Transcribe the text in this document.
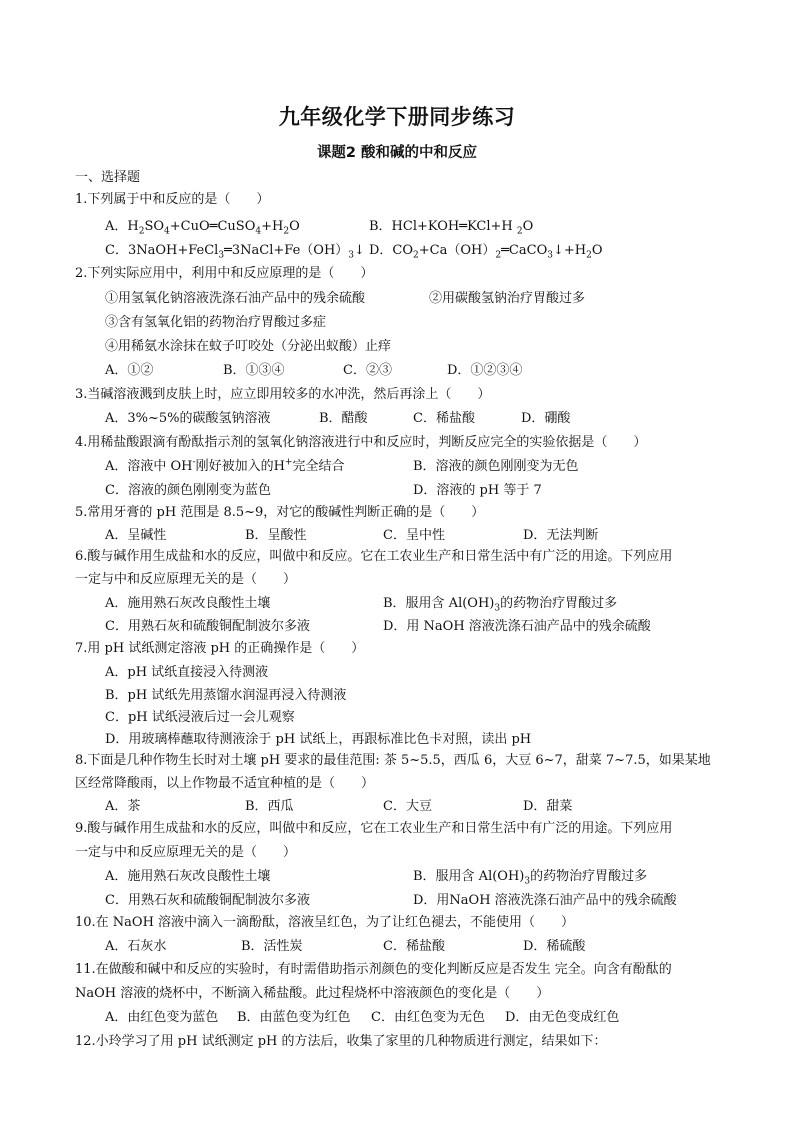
九年级化学下册同步练习
课题2 酸和碱的中和反应
一、选择题
1.下列属于中和反应的是（　　）
A．$H_2SO_4+CuO═CuSO_4+H_2O$	B．HCl+KOH═KCl+H $_2$O
C．$3NaOH+FeCl_3═3NaCl+Fe(OH)_3↓$ D．$CO_2+Ca(OH)_2═CaCO_3↓+H_2O$
2.下列实际应用中，利用中和反应原理的是（　　）
①用氢氧化钠溶液洗涤石油产品中的残余硫酸	②用碳酸氢钠治疗胃酸过多
③含有氢氧化铝的药物治疗胃酸过多症
④用稀氨水涂抹在蚊子叮咬处（分泌出蚁酸）止痒
A．①②	B．①③④	C．②③	D．①②③④
3.当碱溶液溅到皮肤上时，应立即用较多的水冲洗，然后再涂上（　　）
A．3%~5%的碳酸氢钠溶液	B．醋酸	C．稀盐酸	D．硼酸
4.用稀盐酸跟滴有酚酞指示剂的氢氧化钠溶液进行中和反应时，判断反应完全的实验依据是（　　）
A．溶液中 OH-刚好被加入的H+完全结合	B．溶液的颜色刚刚变为无色
C．溶液的颜色刚刚变为蓝色	D．溶液的 pH 等于 7
5.常用牙膏的 pH 范围是 8.5~9，对它的酸碱性判断正确的是（　　）
A．呈碱性	B．呈酸性	C．呈中性	D．无法判断
6.酸与碱作用生成盐和水的反应，叫做中和反应。它在工农业生产和日常生活中有广泛的用途。下列应用
一定与中和反应原理无关的是（　　）
A．施用熟石灰改良酸性土壤	B．服用含 $Al(OH)_3$的药物治疗胃酸过多
C．用熟石灰和硫酸铜配制波尔多液	D．用 NaOH 溶液洗涤石油产品中的残余硫酸
7.用 pH 试纸测定溶液 pH 的正确操作是（　　）
A．pH 试纸直接浸入待测液
B．pH 试纸先用蒸馏水润湿再浸入待测液
C．pH 试纸浸液后过一会儿观察
D．用玻璃棒蘸取待测液涂于 pH 试纸上，再跟标准比色卡对照，读出 pH
8.下面是几种作物生长时对土壤 pH 要求的最佳范围: 茶 5~5.5，西瓜 6，大豆 6~7，甜菜 7~7.5，如果某地
区经常降酸雨，以上作物最不适宜种植的是（　　）
A．茶	B．西瓜	C．大豆	D．甜菜
9.酸与碱作用生成盐和水的反应，叫做中和反应，它在工农业生产和日常生活中有广泛的用途。下列应用
一定与中和反应原理无关的是（　　）
A．施用熟石灰改良酸性土壤	B．服用含 $Al(OH)_3$的药物治疗胃酸过多
C．用熟石灰和硫酸铜配制波尔多液	D．用NaOH 溶液洗涤石油产品中的残余硫酸
10.在 NaOH 溶液中滴入一滴酚酞，溶液呈红色，为了让红色褪去，不能使用（　　）
A．石灰水	B．活性炭	C．稀盐酸	D．稀硫酸
11.在做酸和碱中和反应的实验时，有时需借助指示剂颜色的变化判断反应是否发生 完全。向含有酚酞的
NaOH 溶液的烧杯中，不断滴入稀盐酸。此过程烧杯中溶液颜色的变化是（　　）
A．由红色变为蓝色 B．由蓝色变为红色 C．由红色变为无色 D．由无色变成红色
12.小玲学习了用 pH 试纸测定 pH 的方法后，收集了家里的几种物质进行测定，结果如下：
